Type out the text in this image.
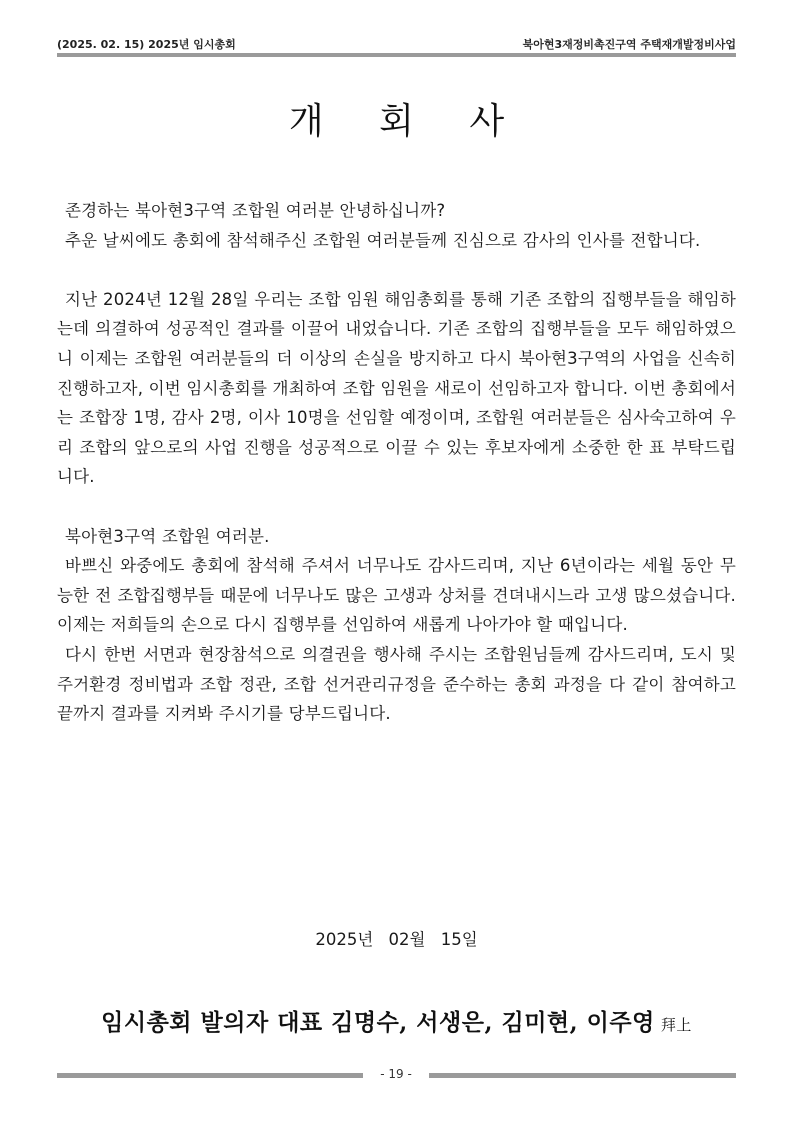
(2025. 02. 15) 2025년 임시총회	북아현3재정비촉진구역 주택재개발정비사업
개 회 사

존경하는 북아현3구역 조합원 여러분 안녕하십니까?

추운 날씨에도 총회에 참석해주신 조합원 여러분들께 진심으로 감사의 인사를 전합니다.

지난 2024년 12월 28일 우리는 조합 임원 해임총회를 통해 기존 조합의 집행부들을 해임하는데 의결하여 성공적인 결과를 이끌어 내었습니다. 기존 조합의 집행부들을 모두 해임하였으니 이제는 조합원 여러분들의 더 이상의 손실을 방지하고 다시 북아현3구역의 사업을 신속히 진행하고자, 이번 임시총회를 개최하여 조합 임원을 새로이 선임하고자 합니다. 이번 총회에서는 조합장 1명, 감사 2명, 이사 10명을 선임할 예정이며, 조합원 여러분들은 심사숙고하여 우리 조합의 앞으로의 사업 진행을 성공적으로 이끌 수 있는 후보자에게 소중한 한 표 부탁드립니다.

북아현3구역 조합원 여러분.

바쁘신 와중에도 총회에 참석해 주셔서 너무나도 감사드리며, 지난 6년이라는 세월 동안 무능한 전 조합집행부들 때문에 너무나도 많은 고생과 상처를 견뎌내시느라 고생 많으셨습니다. 이제는 저희들의 손으로 다시 집행부를 선임하여 새롭게 나아가야 할 때입니다.

다시 한번 서면과 현장참석으로 의결권을 행사해 주시는 조합원님들께 감사드리며, 도시 및 주거환경 정비법과 조합 정관, 조합 선거관리규정을 준수하는 총회 과정을 다 같이 참여하고 끝까지 결과를 지켜봐 주시기를 당부드립니다.

2025년 02월 15일
임시총회 발의자 대표 김명수, 서생은, 김미현, 이주영 拜上
- 19 -
